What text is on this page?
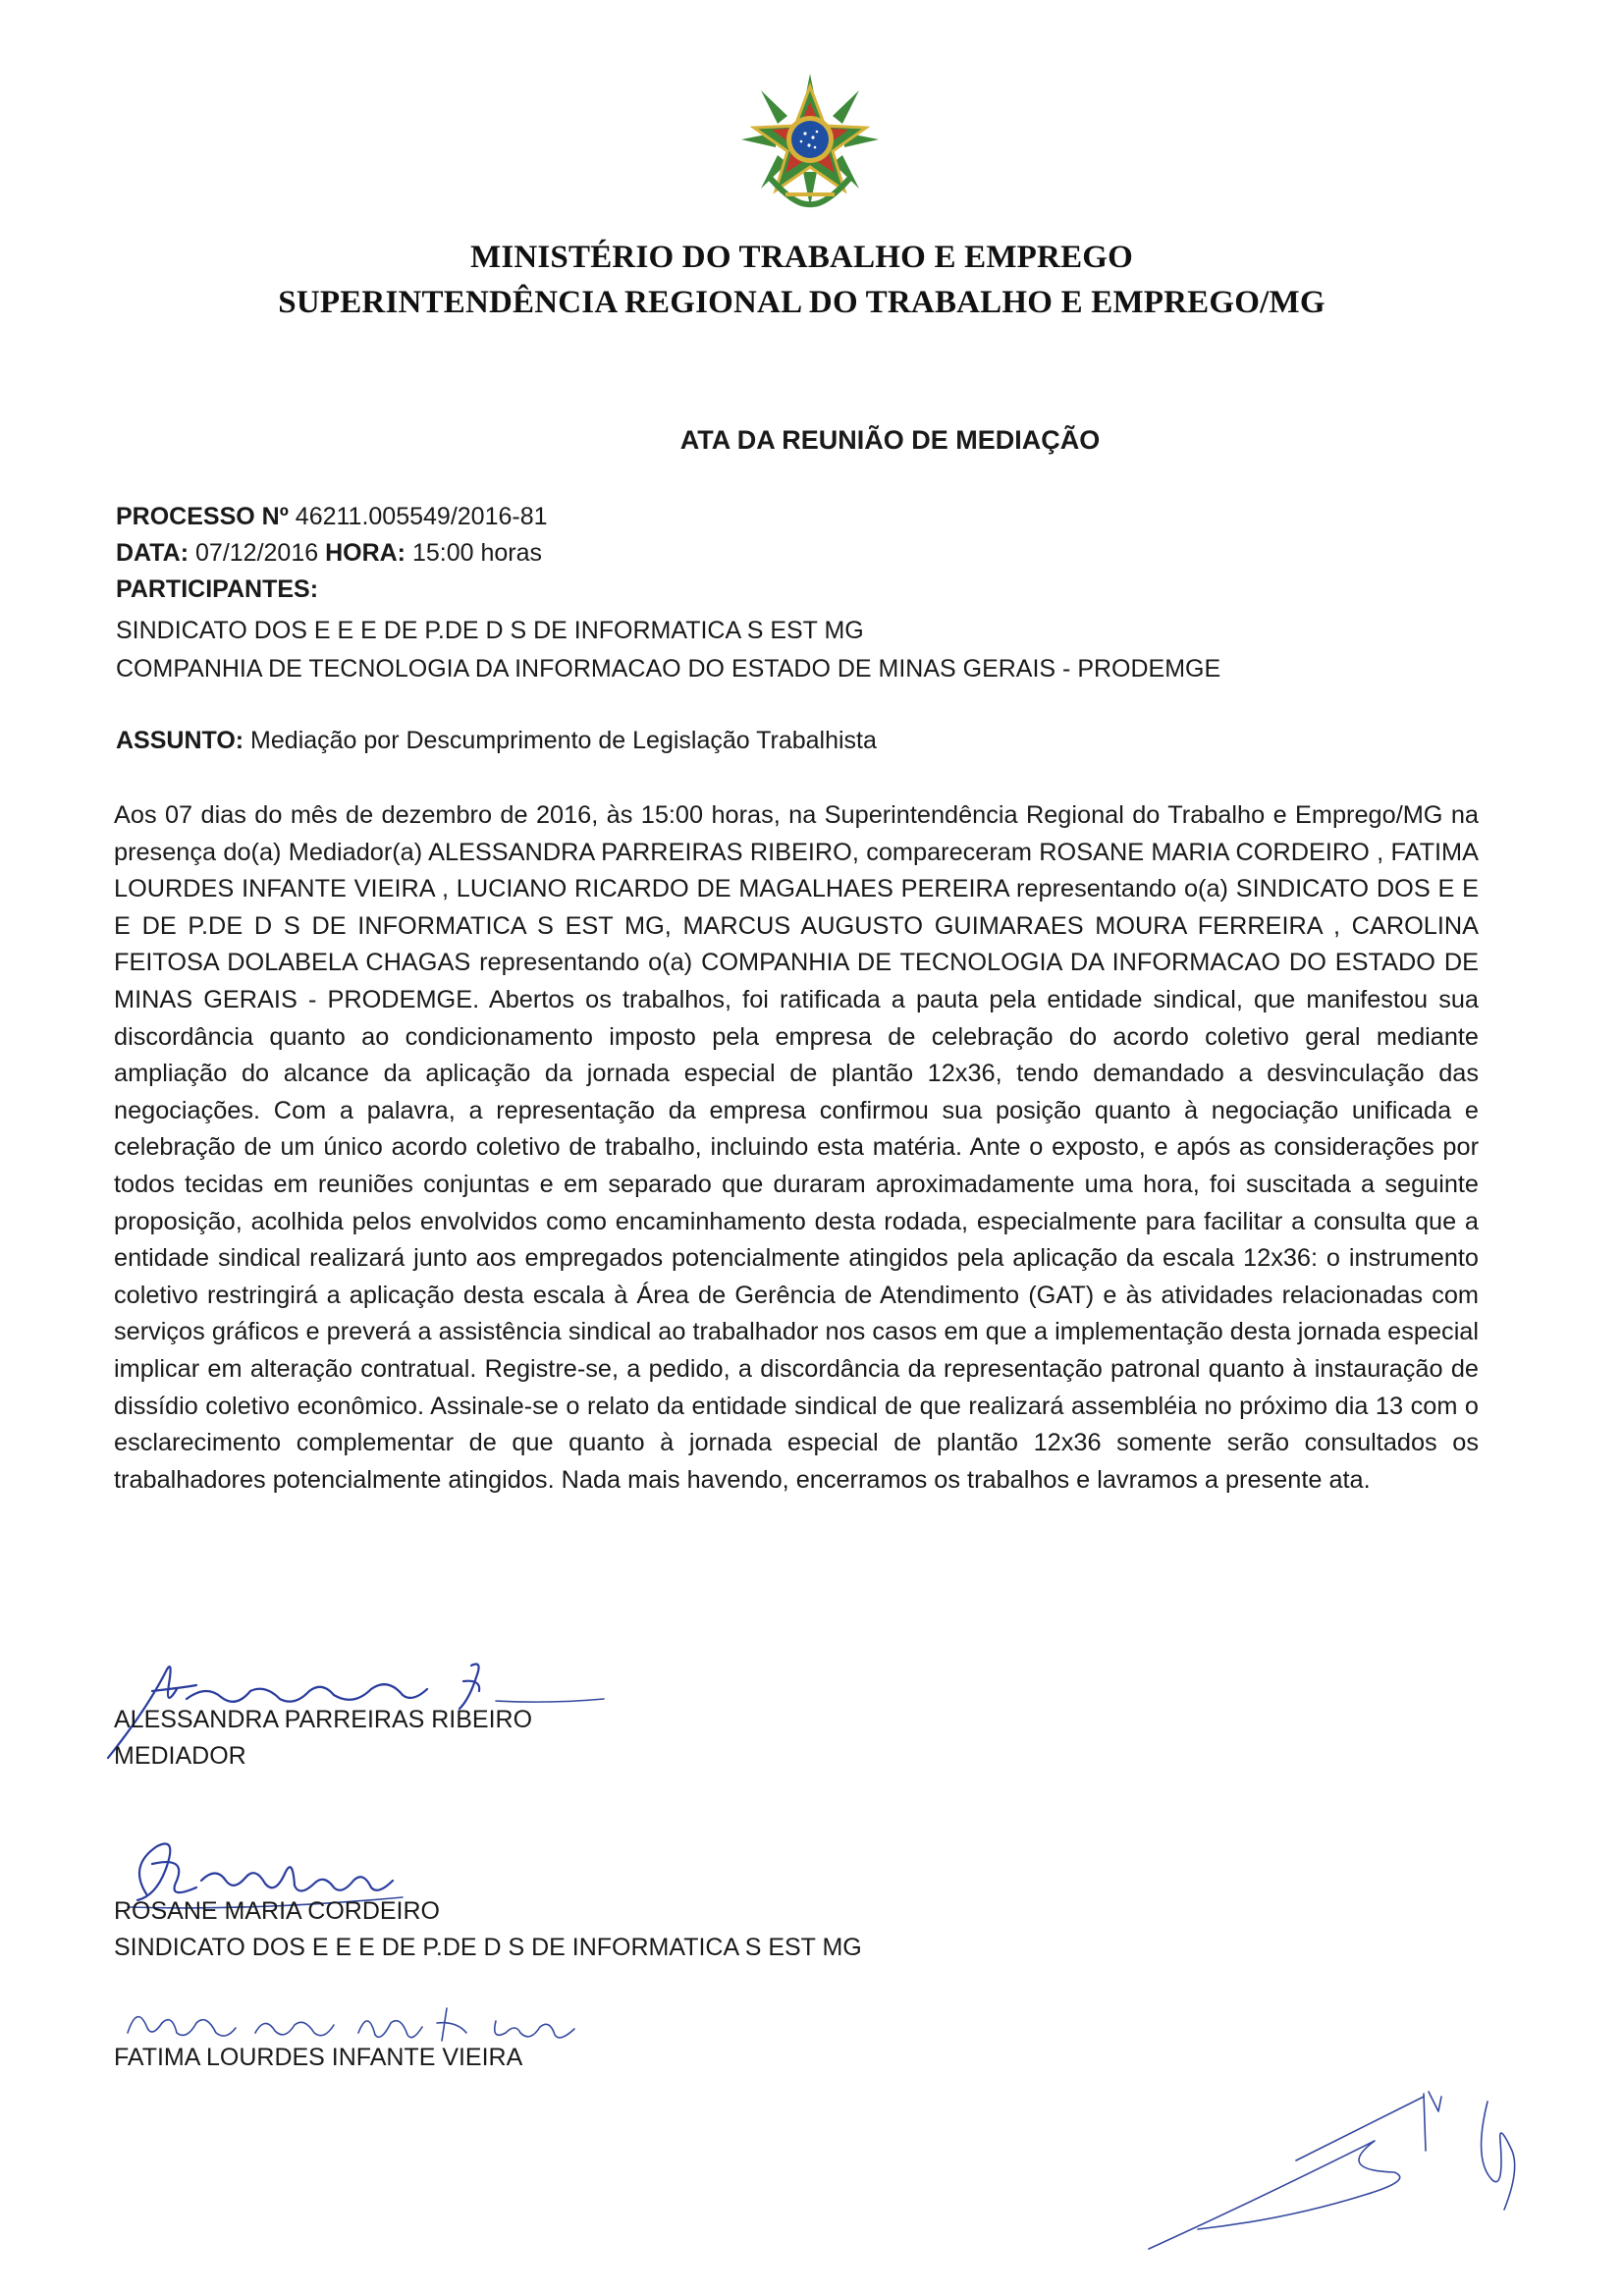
MINISTÉRIO DO TRABALHO E EMPREGO
SUPERINTENDÊNCIA REGIONAL DO TRABALHO E EMPREGO/MG
ATA DA REUNIÃO DE MEDIAÇÃO
PROCESSO Nº 46211.005549/2016-81
DATA: 07/12/2016 HORA: 15:00 horas
PARTICIPANTES:
SINDICATO DOS E E E DE P.DE D S DE INFORMATICA S EST MG
COMPANHIA DE TECNOLOGIA DA INFORMACAO DO ESTADO DE MINAS GERAIS - PRODEMGE
ASSUNTO: Mediação por Descumprimento de Legislação Trabalhista
Aos 07 dias do mês de dezembro de 2016, às 15:00 horas, na Superintendência Regional do Trabalho e Emprego/MG na presença do(a) Mediador(a) ALESSANDRA PARREIRAS RIBEIRO, compareceram ROSANE MARIA CORDEIRO , FATIMA LOURDES INFANTE VIEIRA , LUCIANO RICARDO DE MAGALHAES PEREIRA representando o(a) SINDICATO DOS E E E DE P.DE D S DE INFORMATICA S EST MG, MARCUS AUGUSTO GUIMARAES MOURA FERREIRA , CAROLINA FEITOSA DOLABELA CHAGAS representando o(a) COMPANHIA DE TECNOLOGIA DA INFORMACAO DO ESTADO DE MINAS GERAIS - PRODEMGE. Abertos os trabalhos, foi ratificada a pauta pela entidade sindical, que manifestou sua discordância quanto ao condicionamento imposto pela empresa de celebração do acordo coletivo geral mediante ampliação do alcance da aplicação da jornada especial de plantão 12x36, tendo demandado a desvinculação das negociações. Com a palavra, a representação da empresa confirmou sua posição quanto à negociação unificada e celebração de um único acordo coletivo de trabalho, incluindo esta matéria. Ante o exposto, e após as considerações por todos tecidas em reuniões conjuntas e em separado que duraram aproximadamente uma hora, foi suscitada a seguinte proposição, acolhida pelos envolvidos como encaminhamento desta rodada, especialmente para facilitar a consulta que a entidade sindical realizará junto aos empregados potencialmente atingidos pela aplicação da escala 12x36: o instrumento coletivo restringirá a aplicação desta escala à Área de Gerência de Atendimento (GAT) e às atividades relacionadas com serviços gráficos e preverá a assistência sindical ao trabalhador nos casos em que a implementação desta jornada especial implicar em alteração contratual. Registre-se, a pedido, a discordância da representação patronal quanto à instauração de dissídio coletivo econômico. Assinale-se o relato da entidade sindical de que realizará assembléia no próximo dia 13 com o esclarecimento complementar de que quanto à jornada especial de plantão 12x36 somente serão consultados os trabalhadores potencialmente atingidos. Nada mais havendo, encerramos os trabalhos e lavramos a presente ata.
ALESSANDRA PARREIRAS RIBEIRO
MEDIADOR
ROSANE MARIA CORDEIRO
SINDICATO DOS E E E DE P.DE D S DE INFORMATICA S EST MG
FATIMA LOURDES INFANTE VIEIRA
